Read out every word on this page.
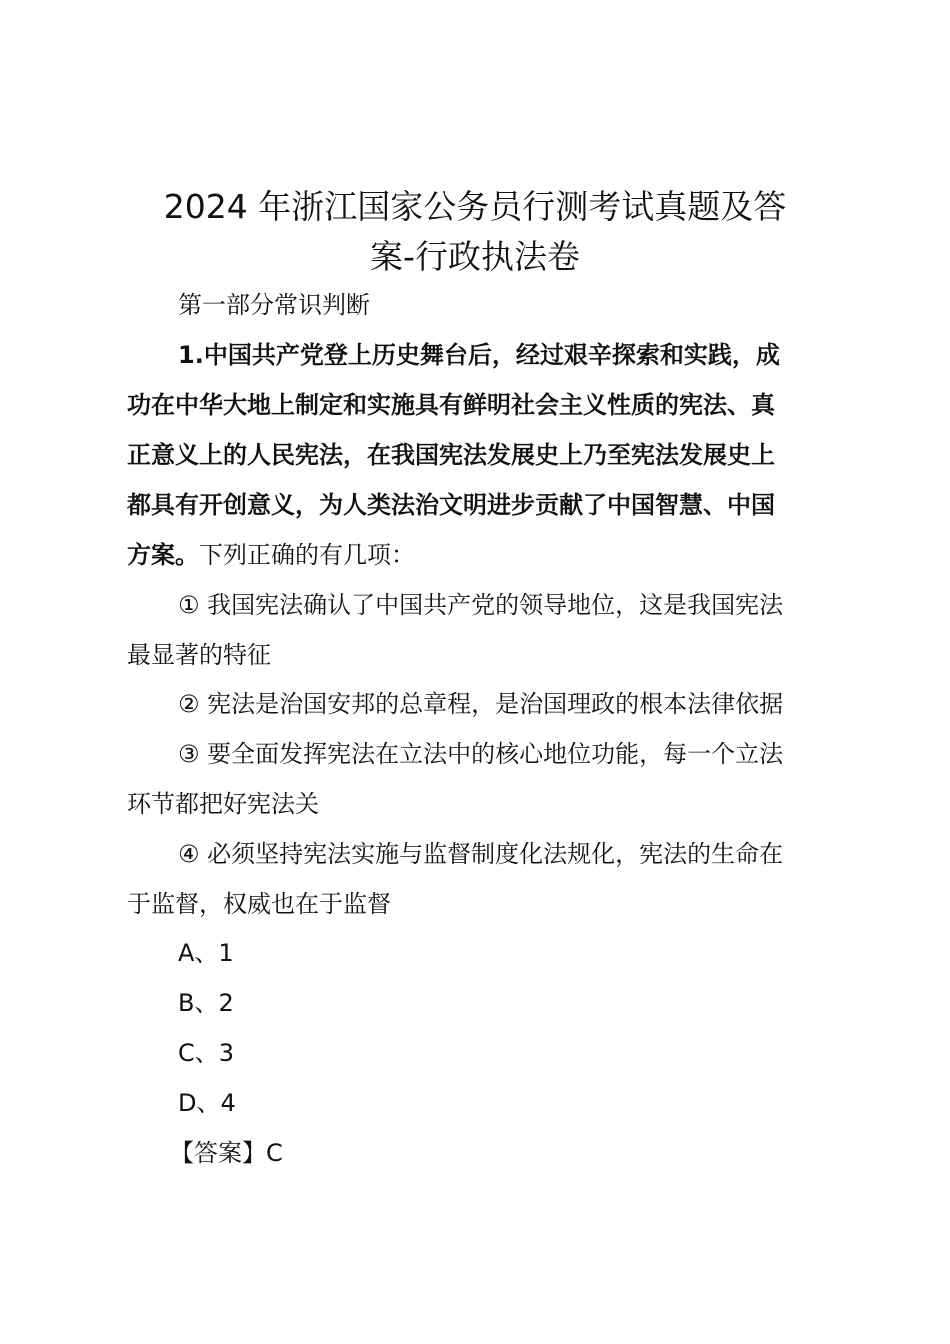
2024 年浙江国家公务员行测考试真题及答
案-行政执法卷
第一部分常识判断
1.中国共产党登上历史舞台后，经过艰辛探索和实践，成
功在中华大地上制定和实施具有鲜明社会主义性质的宪法、真
正意义上的人民宪法，在我国宪法发展史上乃至宪法发展史上
都具有开创意义，为人类法治文明进步贡献了中国智慧、中国
方案。下列正确的有几项：
① 我国宪法确认了中国共产党的领导地位，这是我国宪法
最显著的特征
② 宪法是治国安邦的总章程，是治国理政的根本法律依据
③ 要全面发挥宪法在立法中的核心地位功能，每一个立法
环节都把好宪法关
④ 必须坚持宪法实施与监督制度化法规化，宪法的生命在
于监督，权威也在于监督
A、1
B、2
C、3
D、4
【答案】C
